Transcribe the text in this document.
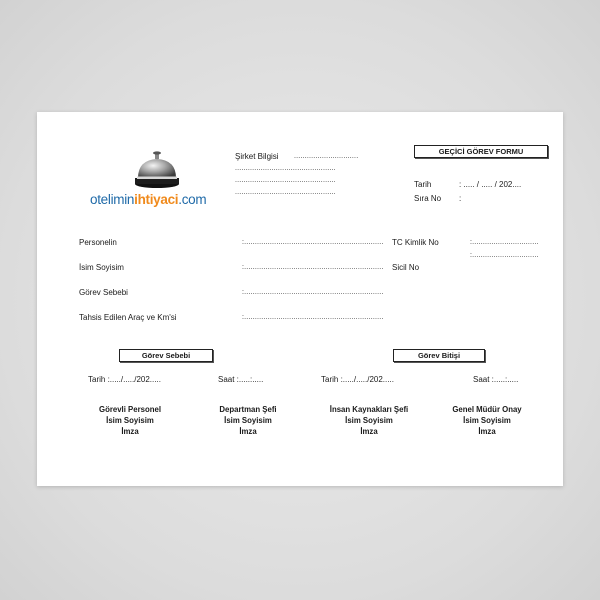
oteliminihtiyaci.com
Şirket Bilgisi ..............................
...............................................
...............................................
...............................................
GEÇİCİ GÖREV FORMU
Tarih	: ..... / ..... / 202....
Sıra No :
Personelin	:.................................................................
İsim Soyisim	:.................................................................
Görev Sebebi	:.................................................................
Tahsis Edilen Araç ve Km'si	:.................................................................
TC Kimlik No	:...............................
:...............................
Sicil No
Görev Sebebi	Görev Bitişi
Tarih :...../...../202.....	Saat :.....:.....	Tarih :...../...../202.....	Saat :.....:.....
Görevli Personel
İsim Soyisim
İmza
Departman Şefi
İsim Soyisim
İmza
İnsan Kaynakları Şefi
İsim Soyisim
İmza
Genel Müdür Onay
İsim Soyisim
İmza
